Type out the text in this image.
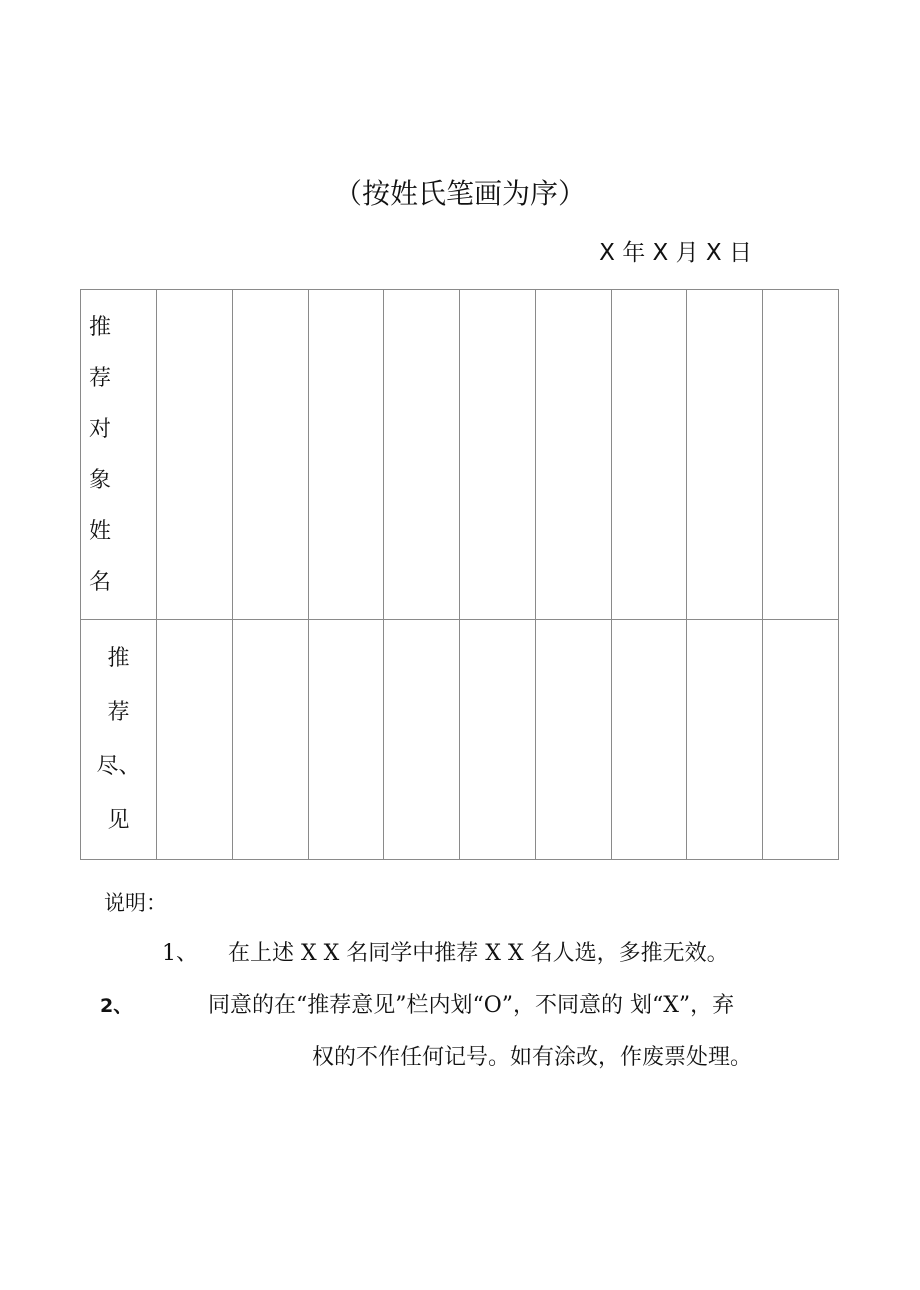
（按姓氏笔画为序）
X 年 X 月 X 日
推 荐
对 象
姓 名									

推
荐
尽、
见									

说明：
1、 在上述 X X 名同学中推荐 X X 名人选，多推无效。
2、	同意的在“推荐意见”栏内划“O”，不同意的 划“X”，弃
权的不作任何记号。如有涂改，作废票处理。
